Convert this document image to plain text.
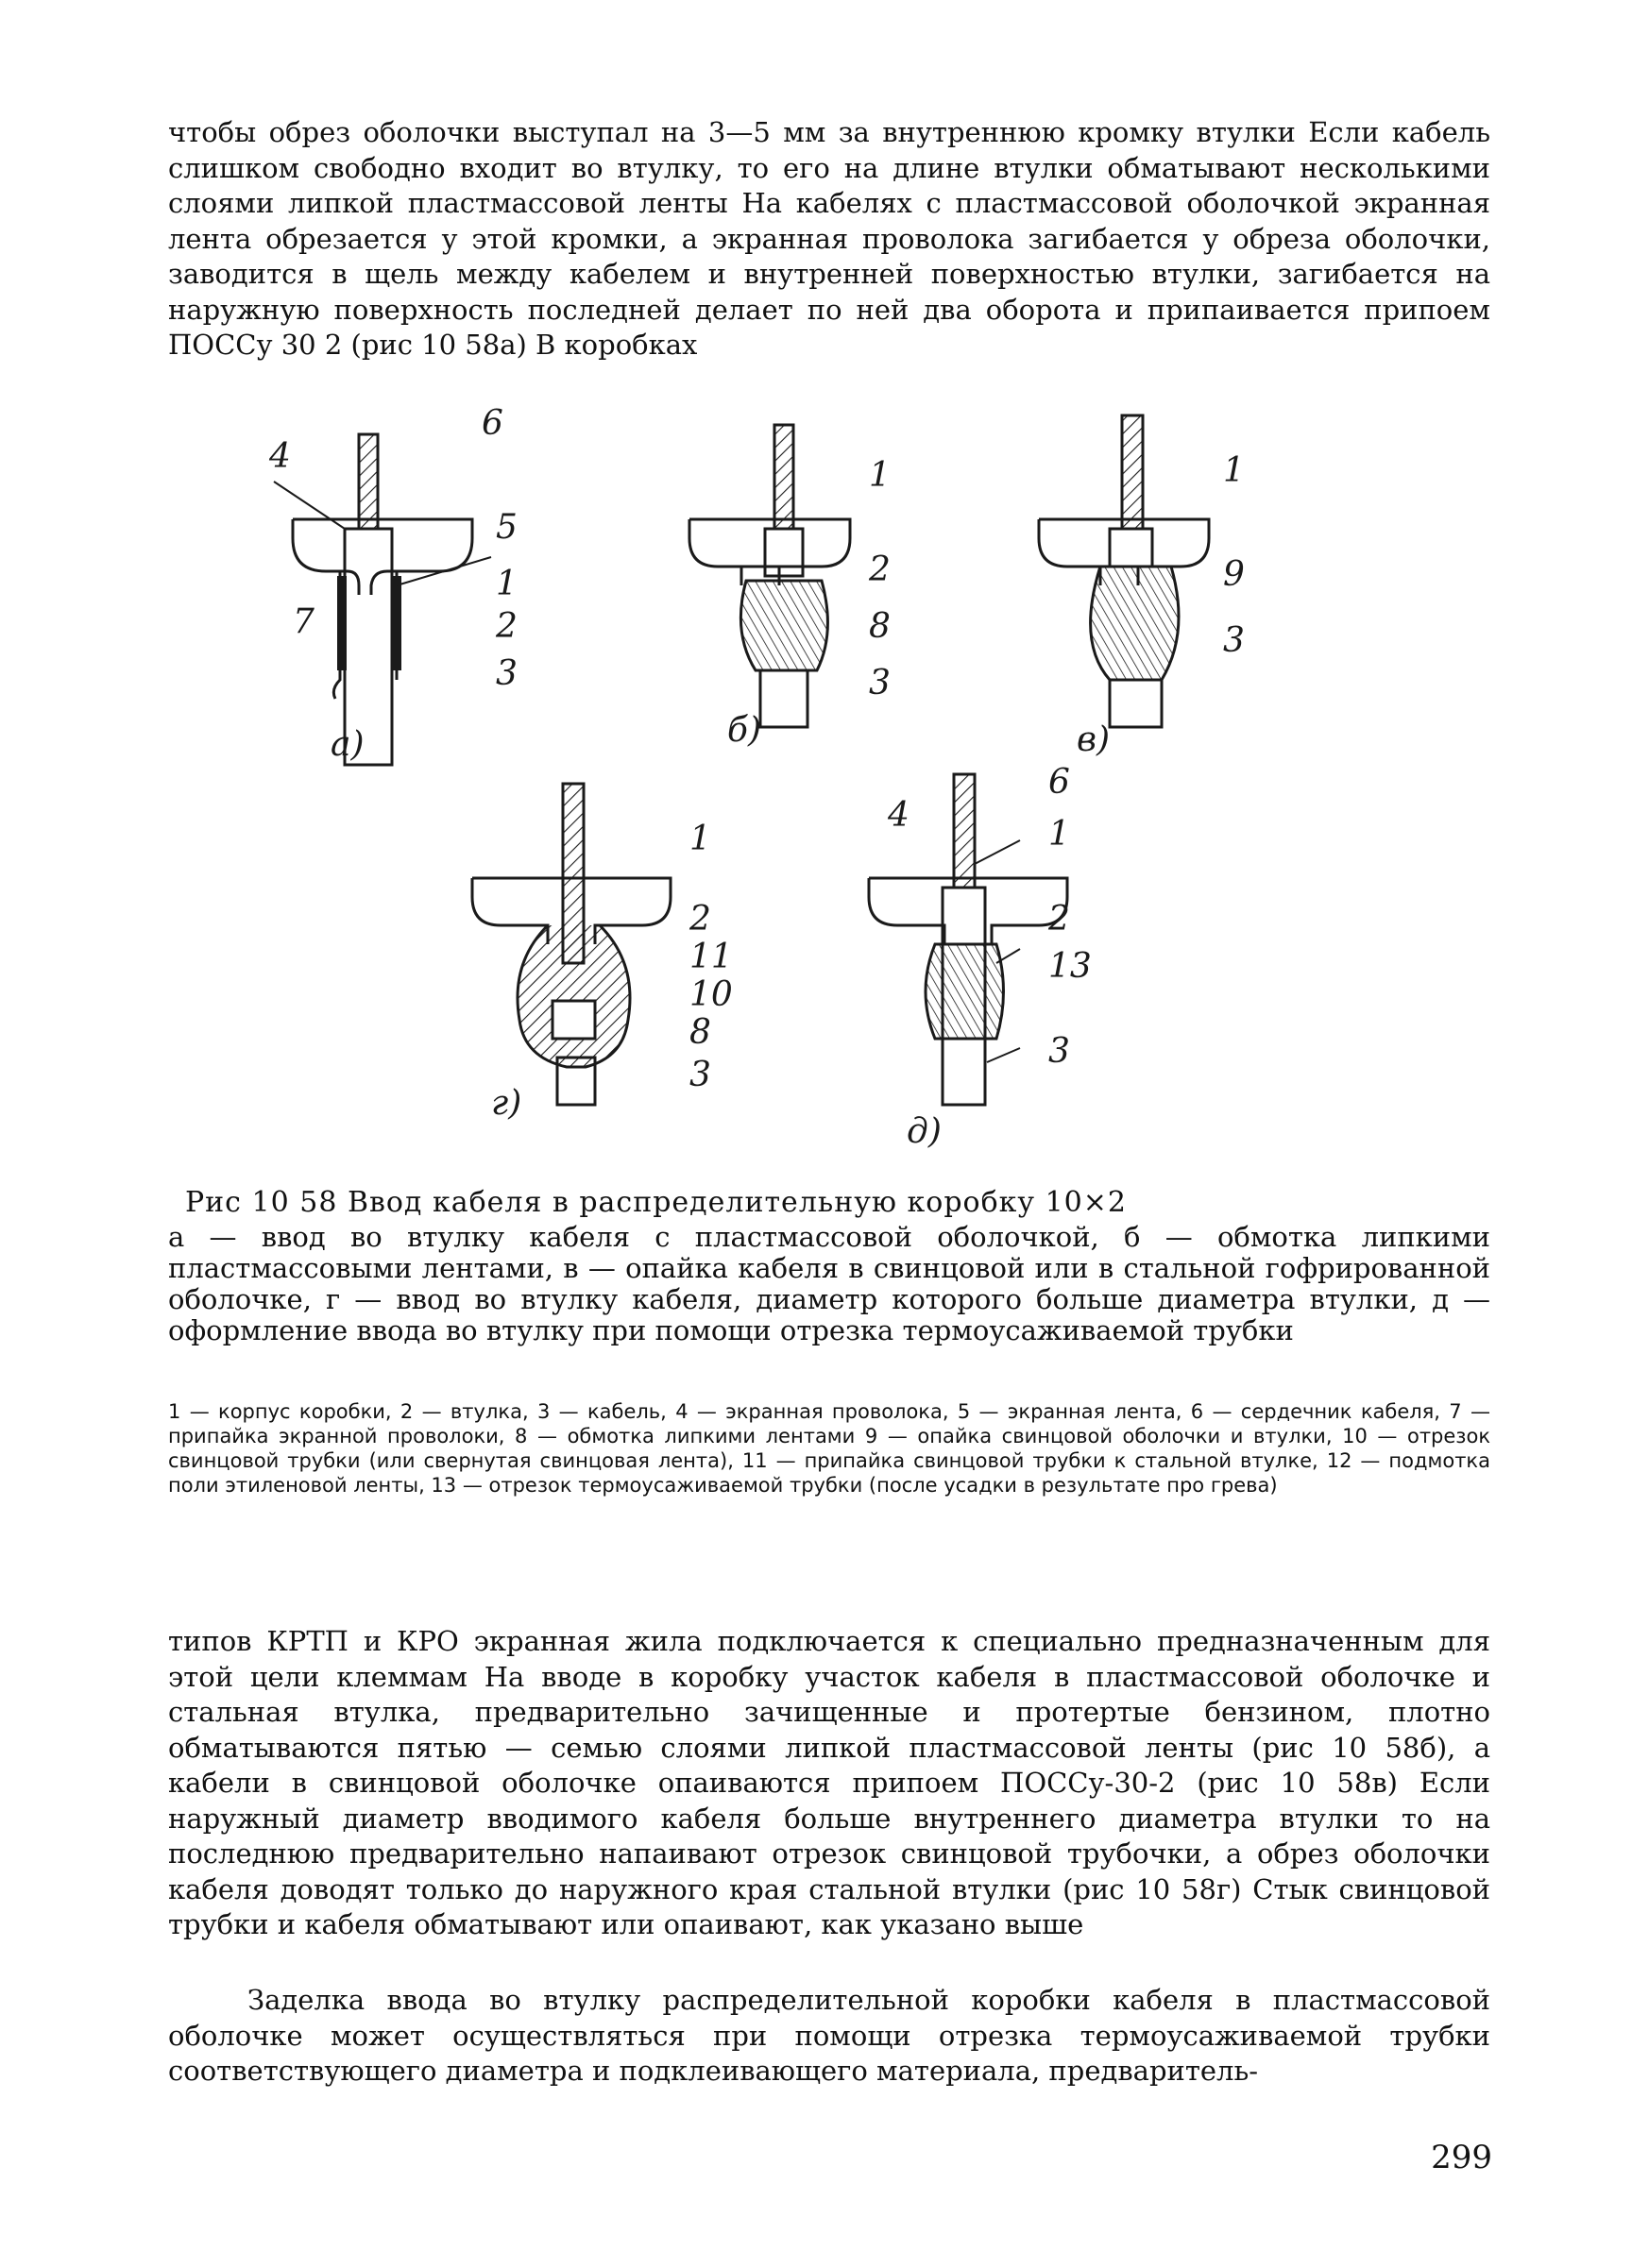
чтобы обрез оболочки выступал на 3—5 мм за внутреннюю кромку втулки Если кабель слишком свободно входит во втулку, то его на длине втулки обматывают несколькими слоями липкой пластмассовой ленты На кабелях с пластмассовой оболочкой экранная лента обрезается у этой кромки, а экранная проволока загибается у обреза оболочки, заводится в щель между кабелем и внутренней поверхностью втулки, загибается на наружную поверхность последней делает по ней два оборота и припаивается припоем ПОССу 30 2 (рис 10 58а) В коробках
4
6
5
1
2
3
7
а)
1
2
8
3
б)
1
9
3
в)
1
2
11
10
8
3
г)
4
6
1
2
13
3
д)
Рис 10 58 Ввод кабеля в распределительную коробку 10×2
а — ввод во втулку кабеля с пластмассовой оболочкой, б — обмотка липкими пластмассовыми лентами, в — опайка кабеля в свинцовой или в стальной гофрированной оболочке, г — ввод во втулку кабеля, диаметр которого больше диаметра втулки, д — оформление ввода во втулку при помощи отрезка термоусаживаемой трубки
1 — корпус коробки, 2 — втулка, 3 — кабель, 4 — экранная проволока, 5 — экранная лента, 6 — сердечник кабеля, 7 — припайка экранной проволоки, 8 — обмотка липкими лентами 9 — опайка свинцовой оболочки и втулки, 10 — отрезок свинцовой трубки (или свернутая свинцовая лента), 11 — припайка свинцовой трубки к стальной втулке, 12 — подмотка поли этиленовой ленты, 13 — отрезок термоусаживаемой трубки (после усадки в результате про грева)
типов КРТП и КРО экранная жила подключается к специально предназначенным для этой цели клеммам На вводе в коробку участок кабеля в пластмассовой оболочке и стальная втулка, предварительно зачищенные и протертые бензином, плотно обматываются пятью — семью слоями липкой пластмассовой ленты (рис 10 58б), а кабели в свинцовой оболочке опаиваются припоем ПОССу-30-2 (рис 10 58в) Если наружный диаметр вводимого кабеля больше внутреннего диаметра втулки то на последнюю предварительно напаивают отрезок свинцовой трубочки, а обрез оболочки кабеля доводят только до наружного края стальной втулки (рис 10 58г) Стык свинцовой трубки и кабеля обматывают или опаивают, как указано выше
Заделка ввода во втулку распределительной коробки кабеля в пластмассовой оболочке может осуществляться при помощи отрезка термоусаживаемой трубки соответствующего диаметра и подклеивающего материала, предваритель-
299
